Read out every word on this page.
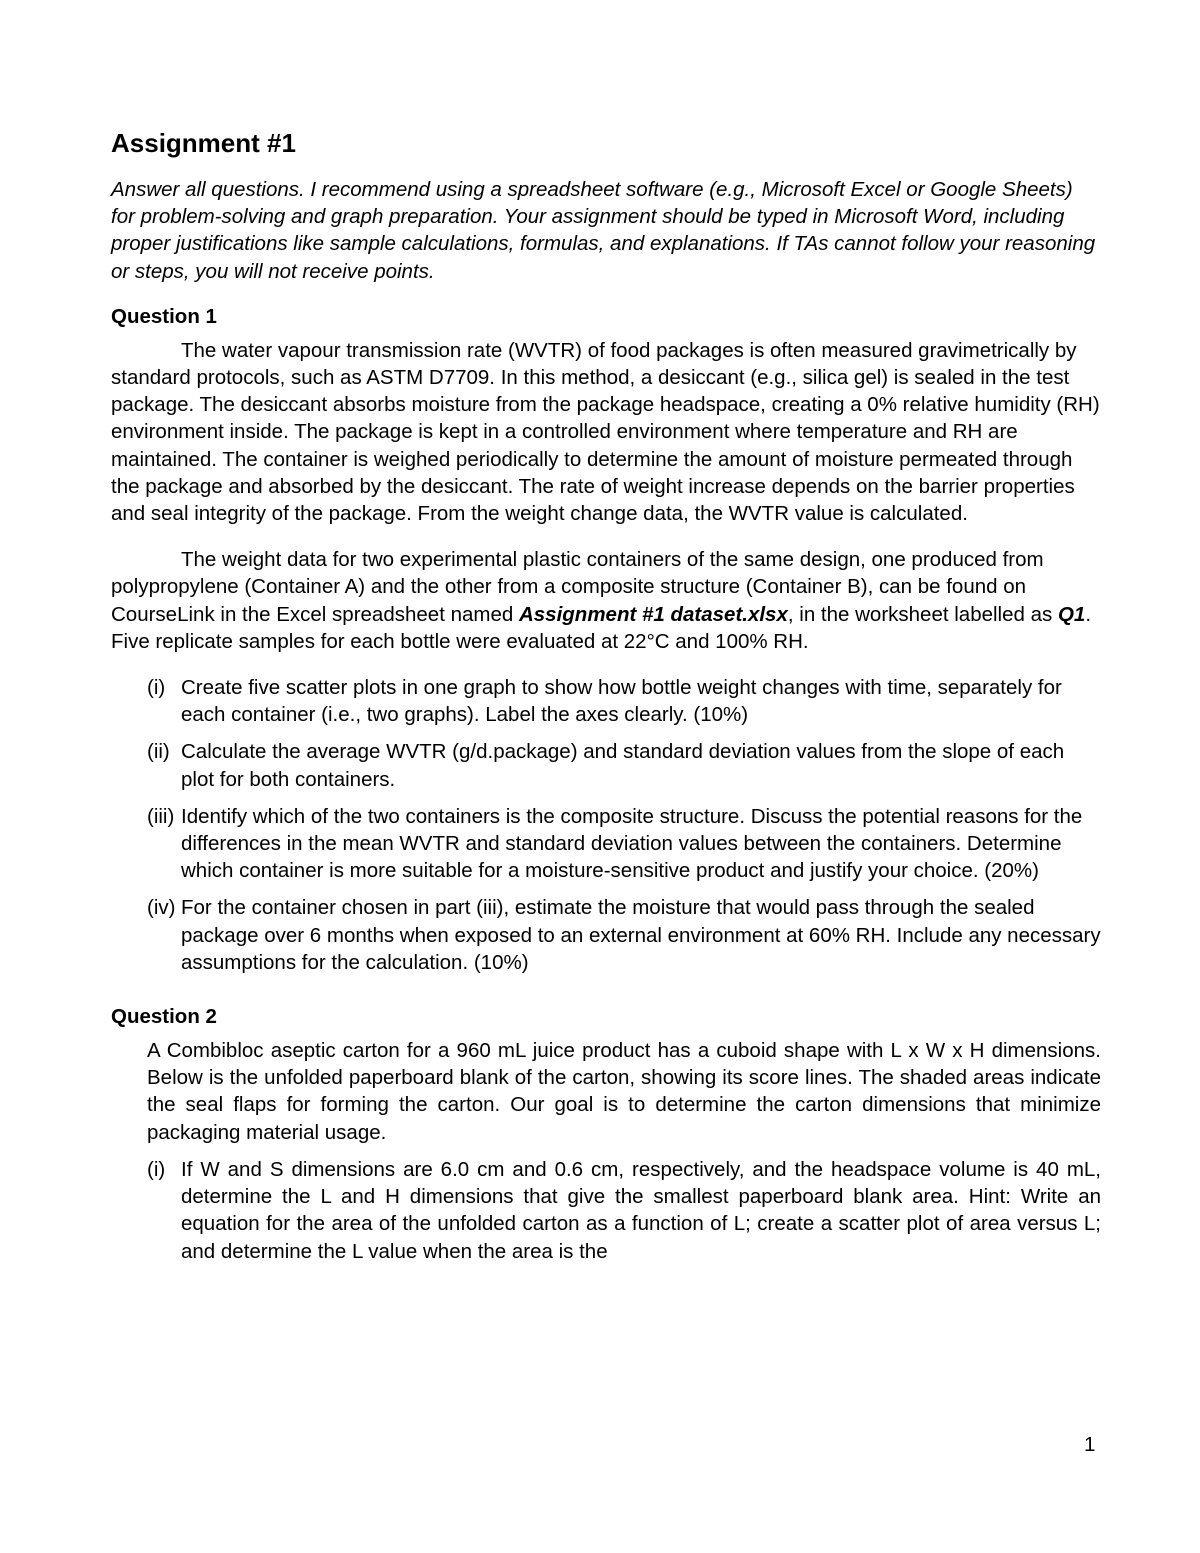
Assignment #1

Answer all questions. I recommend using a spreadsheet software (e.g., Microsoft Excel or Google Sheets) for problem-solving and graph preparation. Your assignment should be typed in Microsoft Word, including proper justifications like sample calculations, formulas, and explanations. If TAs cannot follow your reasoning or steps, you will not receive points.

Question 1

The water vapour transmission rate (WVTR) of food packages is often measured gravimetrically by standard protocols, such as ASTM D7709. In this method, a desiccant (e.g., silica gel) is sealed in the test package. The desiccant absorbs moisture from the package headspace, creating a 0% relative humidity (RH) environment inside. The package is kept in a controlled environment where temperature and RH are maintained. The container is weighed periodically to determine the amount of moisture permeated through the package and absorbed by the desiccant. The rate of weight increase depends on the barrier properties and seal integrity of the package. From the weight change data, the WVTR value is calculated.

The weight data for two experimental plastic containers of the same design, one produced from polypropylene (Container A) and the other from a composite structure (Container B), can be found on CourseLink in the Excel spreadsheet named Assignment #1 dataset.xlsx, in the worksheet labelled as Q1. Five replicate samples for each bottle were evaluated at 22°C and 100% RH.

(i) Create five scatter plots in one graph to show how bottle weight changes with time, separately for each container (i.e., two graphs). Label the axes clearly. (10%)
(ii) Calculate the average WVTR (g/d.package) and standard deviation values from the slope of each plot for both containers.
(iii) Identify which of the two containers is the composite structure. Discuss the potential reasons for the differences in the mean WVTR and standard deviation values between the containers. Determine which container is more suitable for a moisture-sensitive product and justify your choice. (20%)
(iv) For the container chosen in part (iii), estimate the moisture that would pass through the sealed package over 6 months when exposed to an external environment at 60% RH. Include any necessary assumptions for the calculation. (10%)
Question 2
A Combibloc aseptic carton for a 960 mL juice product has a cuboid shape with L x W x H dimensions. Below is the unfolded paperboard blank of the carton, showing its score lines. The shaded areas indicate the seal flaps for forming the carton. Our goal is to determine the carton dimensions that minimize packaging material usage.
(i) If W and S dimensions are 6.0 cm and 0.6 cm, respectively, and the headspace volume is 40 mL, determine the L and H dimensions that give the smallest paperboard blank area. Hint: Write an equation for the area of the unfolded carton as a function of L; create a scatter plot of area versus L; and determine the L value when the area is the
1
